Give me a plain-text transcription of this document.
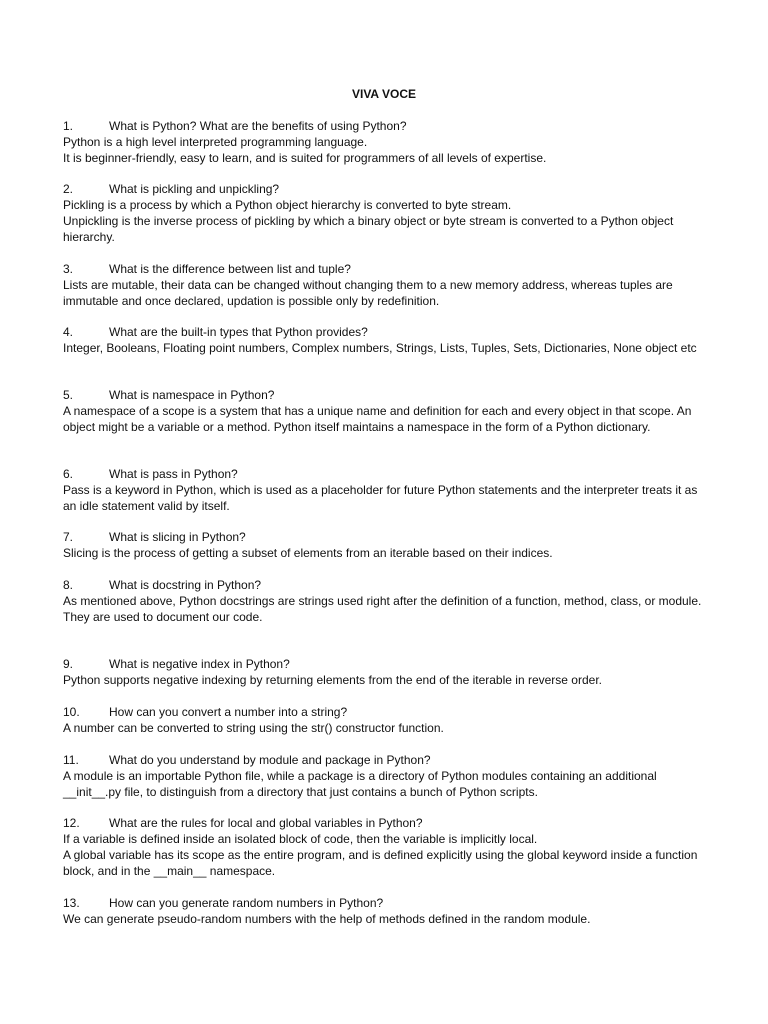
VIVA VOCE
1.	What is Python? What are the benefits of using Python?

Python is a high level interpreted programming language.

It is beginner-friendly, easy to learn, and is suited for programmers of all levels of expertise.

2.	What is pickling and unpickling?

Pickling is a process by which a Python object hierarchy is converted to byte stream.

Unpickling is the inverse process of pickling by which a binary object or byte stream is converted to a Python object hierarchy.

3.	What is the difference between list and tuple?

Lists are mutable, their data can be changed without changing them to a new memory address, whereas tuples are immutable and once declared, updation is possible only by redefinition.

4.	What are the built-in types that Python provides?

Integer, Booleans, Floating point numbers, Complex numbers, Strings, Lists, Tuples, Sets, Dictionaries, None object etc

5.	What is namespace in Python?

A namespace of a scope is a system that has a unique name and definition for each and every object in that scope. An object might be a variable or a method. Python itself maintains a namespace in the form of a Python dictionary.

6.	What is pass in Python?

Pass is a keyword in Python, which is used as a placeholder for future Python statements and the interpreter treats it as an idle statement valid by itself.

7.	What is slicing in Python?

Slicing is the process of getting a subset of elements from an iterable based on their indices.

8.	What is docstring in Python?

As mentioned above, Python docstrings are strings used right after the definition of a function, method, class, or module.

They are used to document our code.

9.	What is negative index in Python?

Python supports negative indexing by returning elements from the end of the iterable in reverse order.

10.	How can you convert a number into a string?

A number can be converted to string using the str() constructor function.

11.	What do you understand by module and package in Python?

A module is an importable Python file, while a package is a directory of Python modules containing an additional __init__.py file, to distinguish from a directory that just contains a bunch of Python scripts.

12.	What are the rules for local and global variables in Python?

If a variable is defined inside an isolated block of code, then the variable is implicitly local.

A global variable has its scope as the entire program, and is defined explicitly using the global keyword inside a function block, and in the __main__ namespace.

13.	How can you generate random numbers in Python?

We can generate pseudo-random numbers with the help of methods defined in the random module.
